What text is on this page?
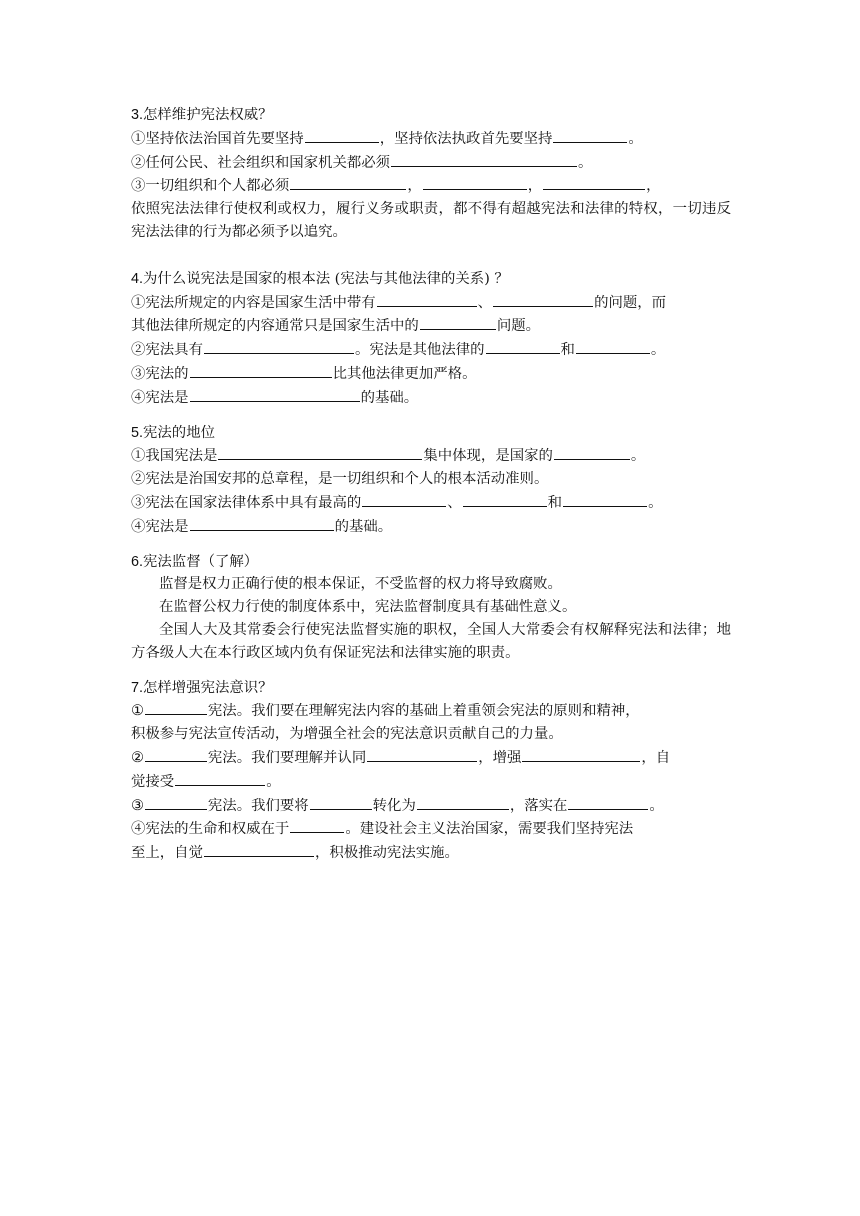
3.怎样维护宪法权威？
①坚持依法治国首先要坚持	，坚持依法执政首先要坚持	。
②任何公民、社会组织和国家机关都必须	。
③一切组织和个人都必须	，	，	，
依照宪法法律行使权利或权力，履行义务或职责，都不得有超越宪法和法律的特权，一切违反宪法法律的行为都必须予以追究。
4.为什么说宪法是国家的根本法 (宪法与其他法律的关系) ？
①宪法所规定的内容是国家生活中带有	、	的问题，而
其他法律所规定的内容通常只是国家生活中的	问题。
②宪法具有	。宪法是其他法律的	和	。
③宪法的	比其他法律更加严格。
④宪法是	的基础。
5.宪法的地位
①我国宪法是	集中体现，是国家的	。
②宪法是治国安邦的总章程，是一切组织和个人的根本活动准则。
③宪法在国家法律体系中具有最高的	、	和	。
④宪法是	的基础。
6.宪法监督（了解）
监督是权力正确行使的根本保证，不受监督的权力将导致腐败。
在监督公权力行使的制度体系中，宪法监督制度具有基础性意义。
全国人大及其常委会行使宪法监督实施的职权，全国人大常委会有权解释宪法和法律；地方各级人大在本行政区域内负有保证宪法和法律实施的职责。
7.怎样增强宪法意识？
①	宪法。我们要在理解宪法内容的基础上着重领会宪法的原则和精神，
积极参与宪法宣传活动，为增强全社会的宪法意识贡献自己的力量。
②	宪法。我们要理解并认同	，增强	，自
觉接受	。
③	宪法。我们要将	转化为	，落实在	。
④宪法的生命和权威在于	。建设社会主义法治国家，需要我们坚持宪法
至上，自觉	，积极推动宪法实施。
